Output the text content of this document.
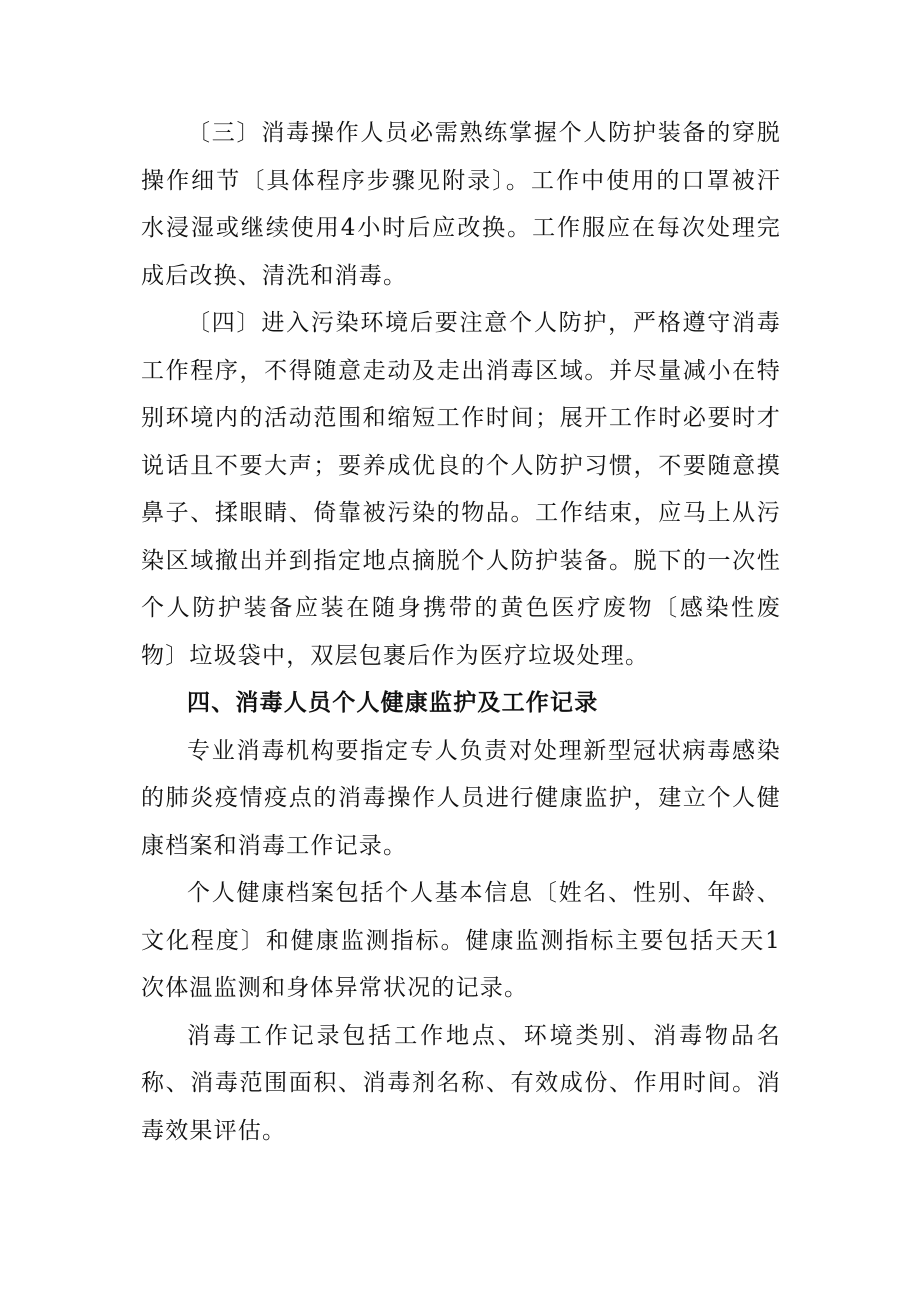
〔三〕消毒操作人员必需熟练掌握个人防护装备的穿脱操作细节〔具体程序步骤见附录〕。工作中使用的口罩被汗水浸湿或继续使用4小时后应改换。工作服应在每次处理完成后改换、清洗和消毒。

〔四〕进入污染环境后要注意个人防护，严格遵守消毒工作程序，不得随意走动及走出消毒区域。并尽量减小在特别环境内的活动范围和缩短工作时间；展开工作时必要时才说话且不要大声；要养成优良的个人防护习惯，不要随意摸鼻子、揉眼睛、倚靠被污染的物品。工作结束，应马上从污染区域撤出并到指定地点摘脱个人防护装备。脱下的一次性个人防护装备应装在随身携带的黄色医疗废物〔感染性废物〕垃圾袋中，双层包裹后作为医疗垃圾处理。

四、消毒人员个人健康监护及工作记录

专业消毒机构要指定专人负责对处理新型冠状病毒感染的肺炎疫情疫点的消毒操作人员进行健康监护，建立个人健康档案和消毒工作记录。

个人健康档案包括个人基本信息〔姓名、性别、年龄、文化程度〕和健康监测指标。健康监测指标主要包括天天1次体温监测和身体异常状况的记录。

消毒工作记录包括工作地点、环境类别、消毒物品名称、消毒范围面积、消毒剂名称、有效成份、作用时间。消毒效果评估。
